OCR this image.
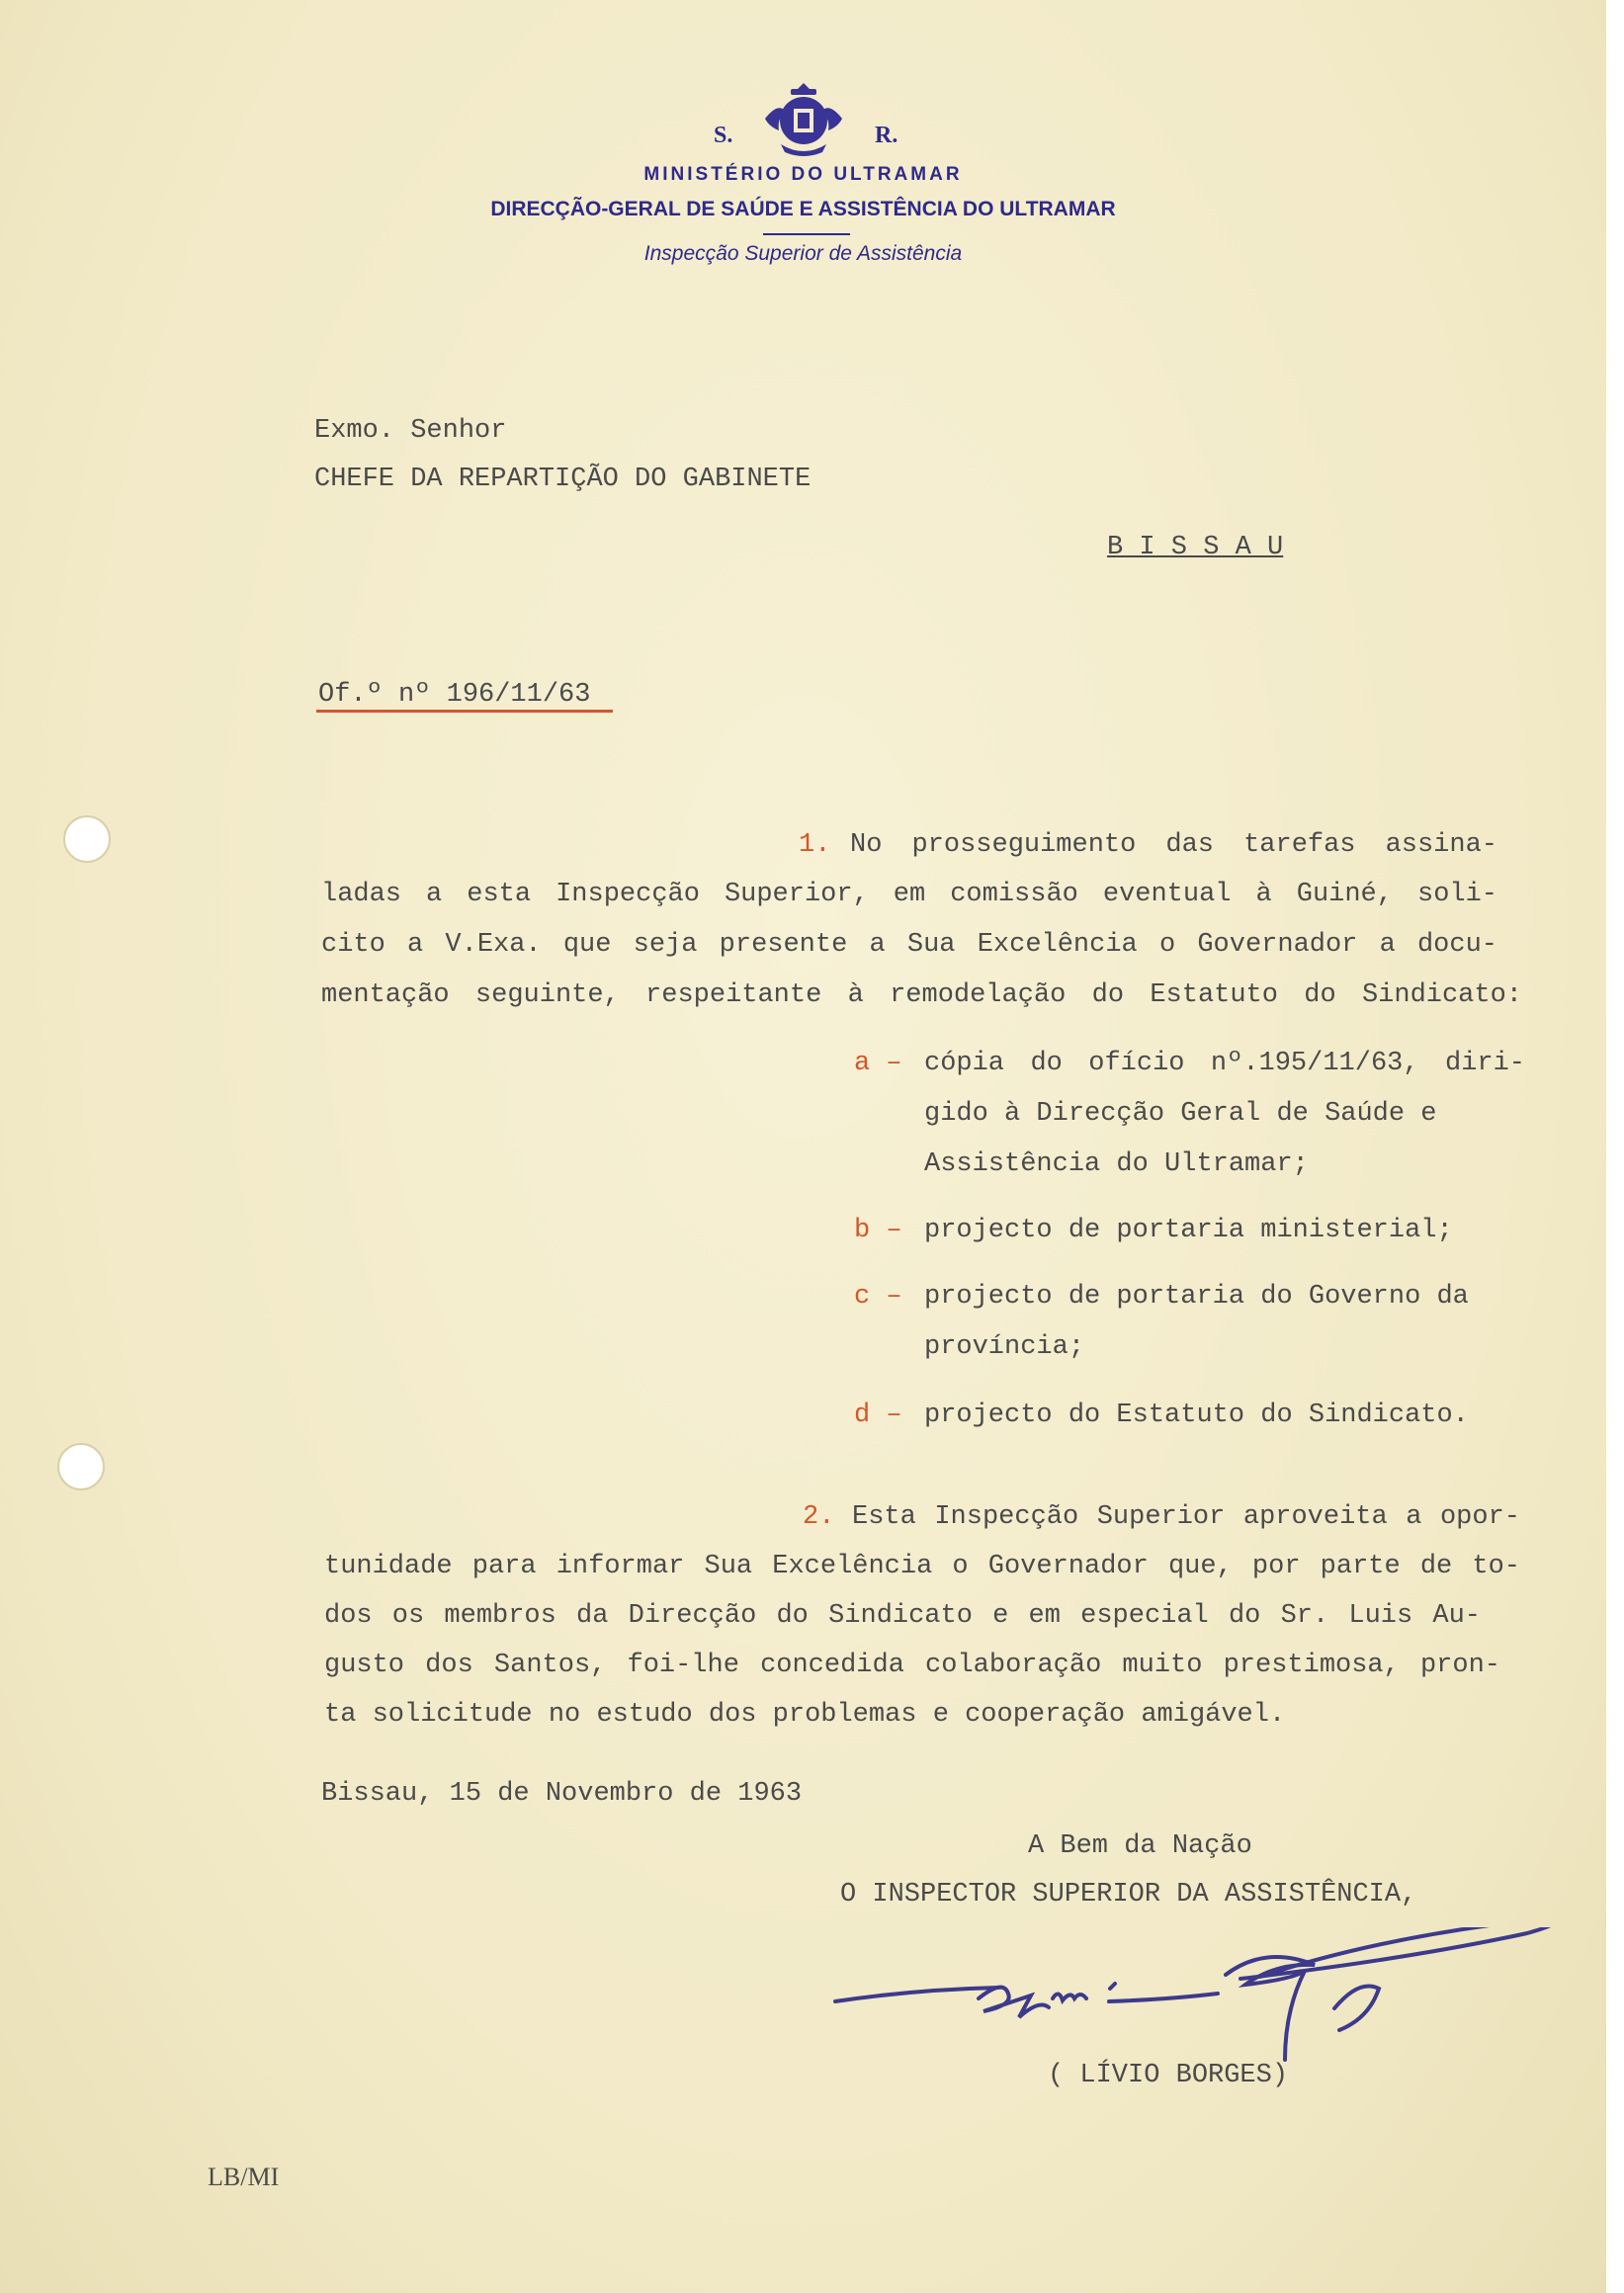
S.	R.
MINISTÉRIO DO ULTRAMAR
DIRECÇÃO-GERAL DE SAÚDE E ASSISTÊNCIA DO ULTRAMAR
Inspecção Superior de Assistência
Exmo. Senhor
CHEFE DA REPARTIÇÃO DO GABINETE
B I S S A U
Of.º nº 196/11/63
1. No prosseguimento das tarefas assina-
ladas a esta Inspecção Superior, em comissão eventual à Guiné, soli-
cito a V.Exa. que seja presente a Sua Excelência o Governador a docu-
mentação seguinte, respeitante à remodelação do Estatuto do Sindicato:
a – cópia do ofício nº.195/11/63, diri-
gido à Direcção Geral de Saúde e
Assistência do Ultramar;
b – projecto de portaria ministerial;
c – projecto de portaria do Governo da
província;
d – projecto do Estatuto do Sindicato.
2. Esta Inspecção Superior aproveita a opor-
tunidade para informar Sua Excelência o Governador que, por parte de to-
dos os membros da Direcção do Sindicato e em especial do Sr. Luis Au-
gusto dos Santos, foi-lhe concedida colaboração muito prestimosa, pron-
ta solicitude no estudo dos problemas e cooperação amigável.
Bissau, 15 de Novembro de 1963
A Bem da Nação
O INSPECTOR SUPERIOR DA ASSISTÊNCIA,
( LÍVIO BORGES)
LB/MI
